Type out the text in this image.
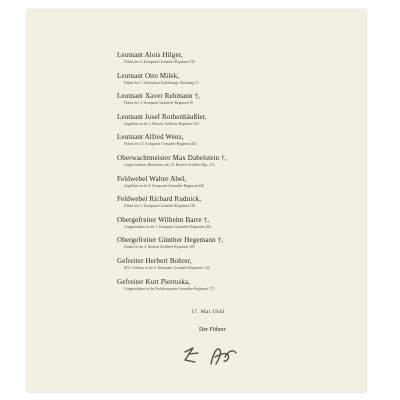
Leutnant Alois Hilger,
Führer der 6. Kompanie Grenadier-Regiment 529
Leutnant Otto Milek,
Führer der 1. Schwadron Aufklärungs-Abteilung 15
Leutnant Xaver Rehmann †,
Führer der 3. Kompanie Infanterie-Regiment 30
Leutnant Josef Rothenhäußler,
Zugführer in der 2. Batterie Artillerie-Regiment 104
Leutnant Alfred Wenz,
Führer der 13. Kompanie Grenadier-Regiment 435
Oberwachtmeister Max Dabelstein †,
vorgeschobener Beobachter der 13. Batterie Artillerie-Rgt. 215
Feldwebel Walter Abel,
Zugführer in der 8. Kompanie Grenadier-Regiment 440
Feldwebel Richard Rudnick,
Führer der 5. Kompanie Grenadier-Regiment 182
Obergefreiter Wilhelm Barre †,
Gruppenführer in der 1. Kompanie Grenadier-Regiment 266
Obergefreiter Günther Hegemann †,
Funker in der 4. Batterie Artillerie-Regiment 389
Gefreiter Herbert Bohrer,
M.G.-Schütze in der 6. Kompanie Grenadier-Regiment 123
Gefreiter Kurt Pietruska,
Gruppenführer in der Stabskompanie Grenadier-Regiment 172
17. Mai 1944
Der Führer
